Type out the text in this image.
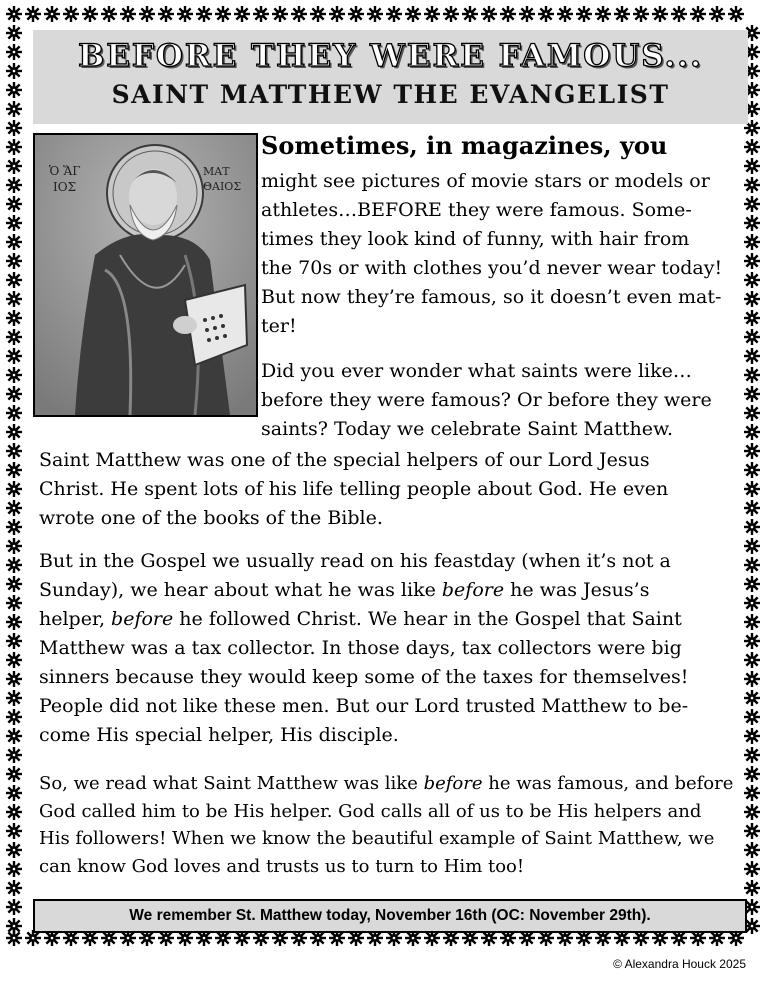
BEFORE THEY WERE FAMOUS...
SAINT MATTHEW THE EVANGELIST
Ὁ ἍΓ
ΙΟΣ
ΜΑΤ
ΘΑΙΟΣ
Sometimes, in magazines, you
might see pictures of movie stars or models or
athletes…BEFORE they were famous. Some-
times they look kind of funny, with hair from
the 70s or with clothes you’d never wear today!
But now they’re famous, so it doesn’t even mat-
ter!
Did you ever wonder what saints were like…
before they were famous? Or before they were
saints? Today we celebrate Saint Matthew.
Saint Matthew was one of the special helpers of our Lord Jesus
Christ. He spent lots of his life telling people about God. He even
wrote one of the books of the Bible.
But in the Gospel we usually read on his feastday (when it’s not a
Sunday), we hear about what he was like before he was Jesus’s
helper, before he followed Christ. We hear in the Gospel that Saint
Matthew was a tax collector. In those days, tax collectors were big
sinners because they would keep some of the taxes for themselves!
People did not like these men. But our Lord trusted Matthew to be-
come His special helper, His disciple.
So, we read what Saint Matthew was like before he was famous, and before
God called him to be His helper. God calls all of us to be His helpers and
His followers! When we know the beautiful example of Saint Matthew, we
can know God loves and trusts us to turn to Him too!
We remember St. Matthew today, November 16th (OC: November 29th).
© Alexandra Houck 2025
